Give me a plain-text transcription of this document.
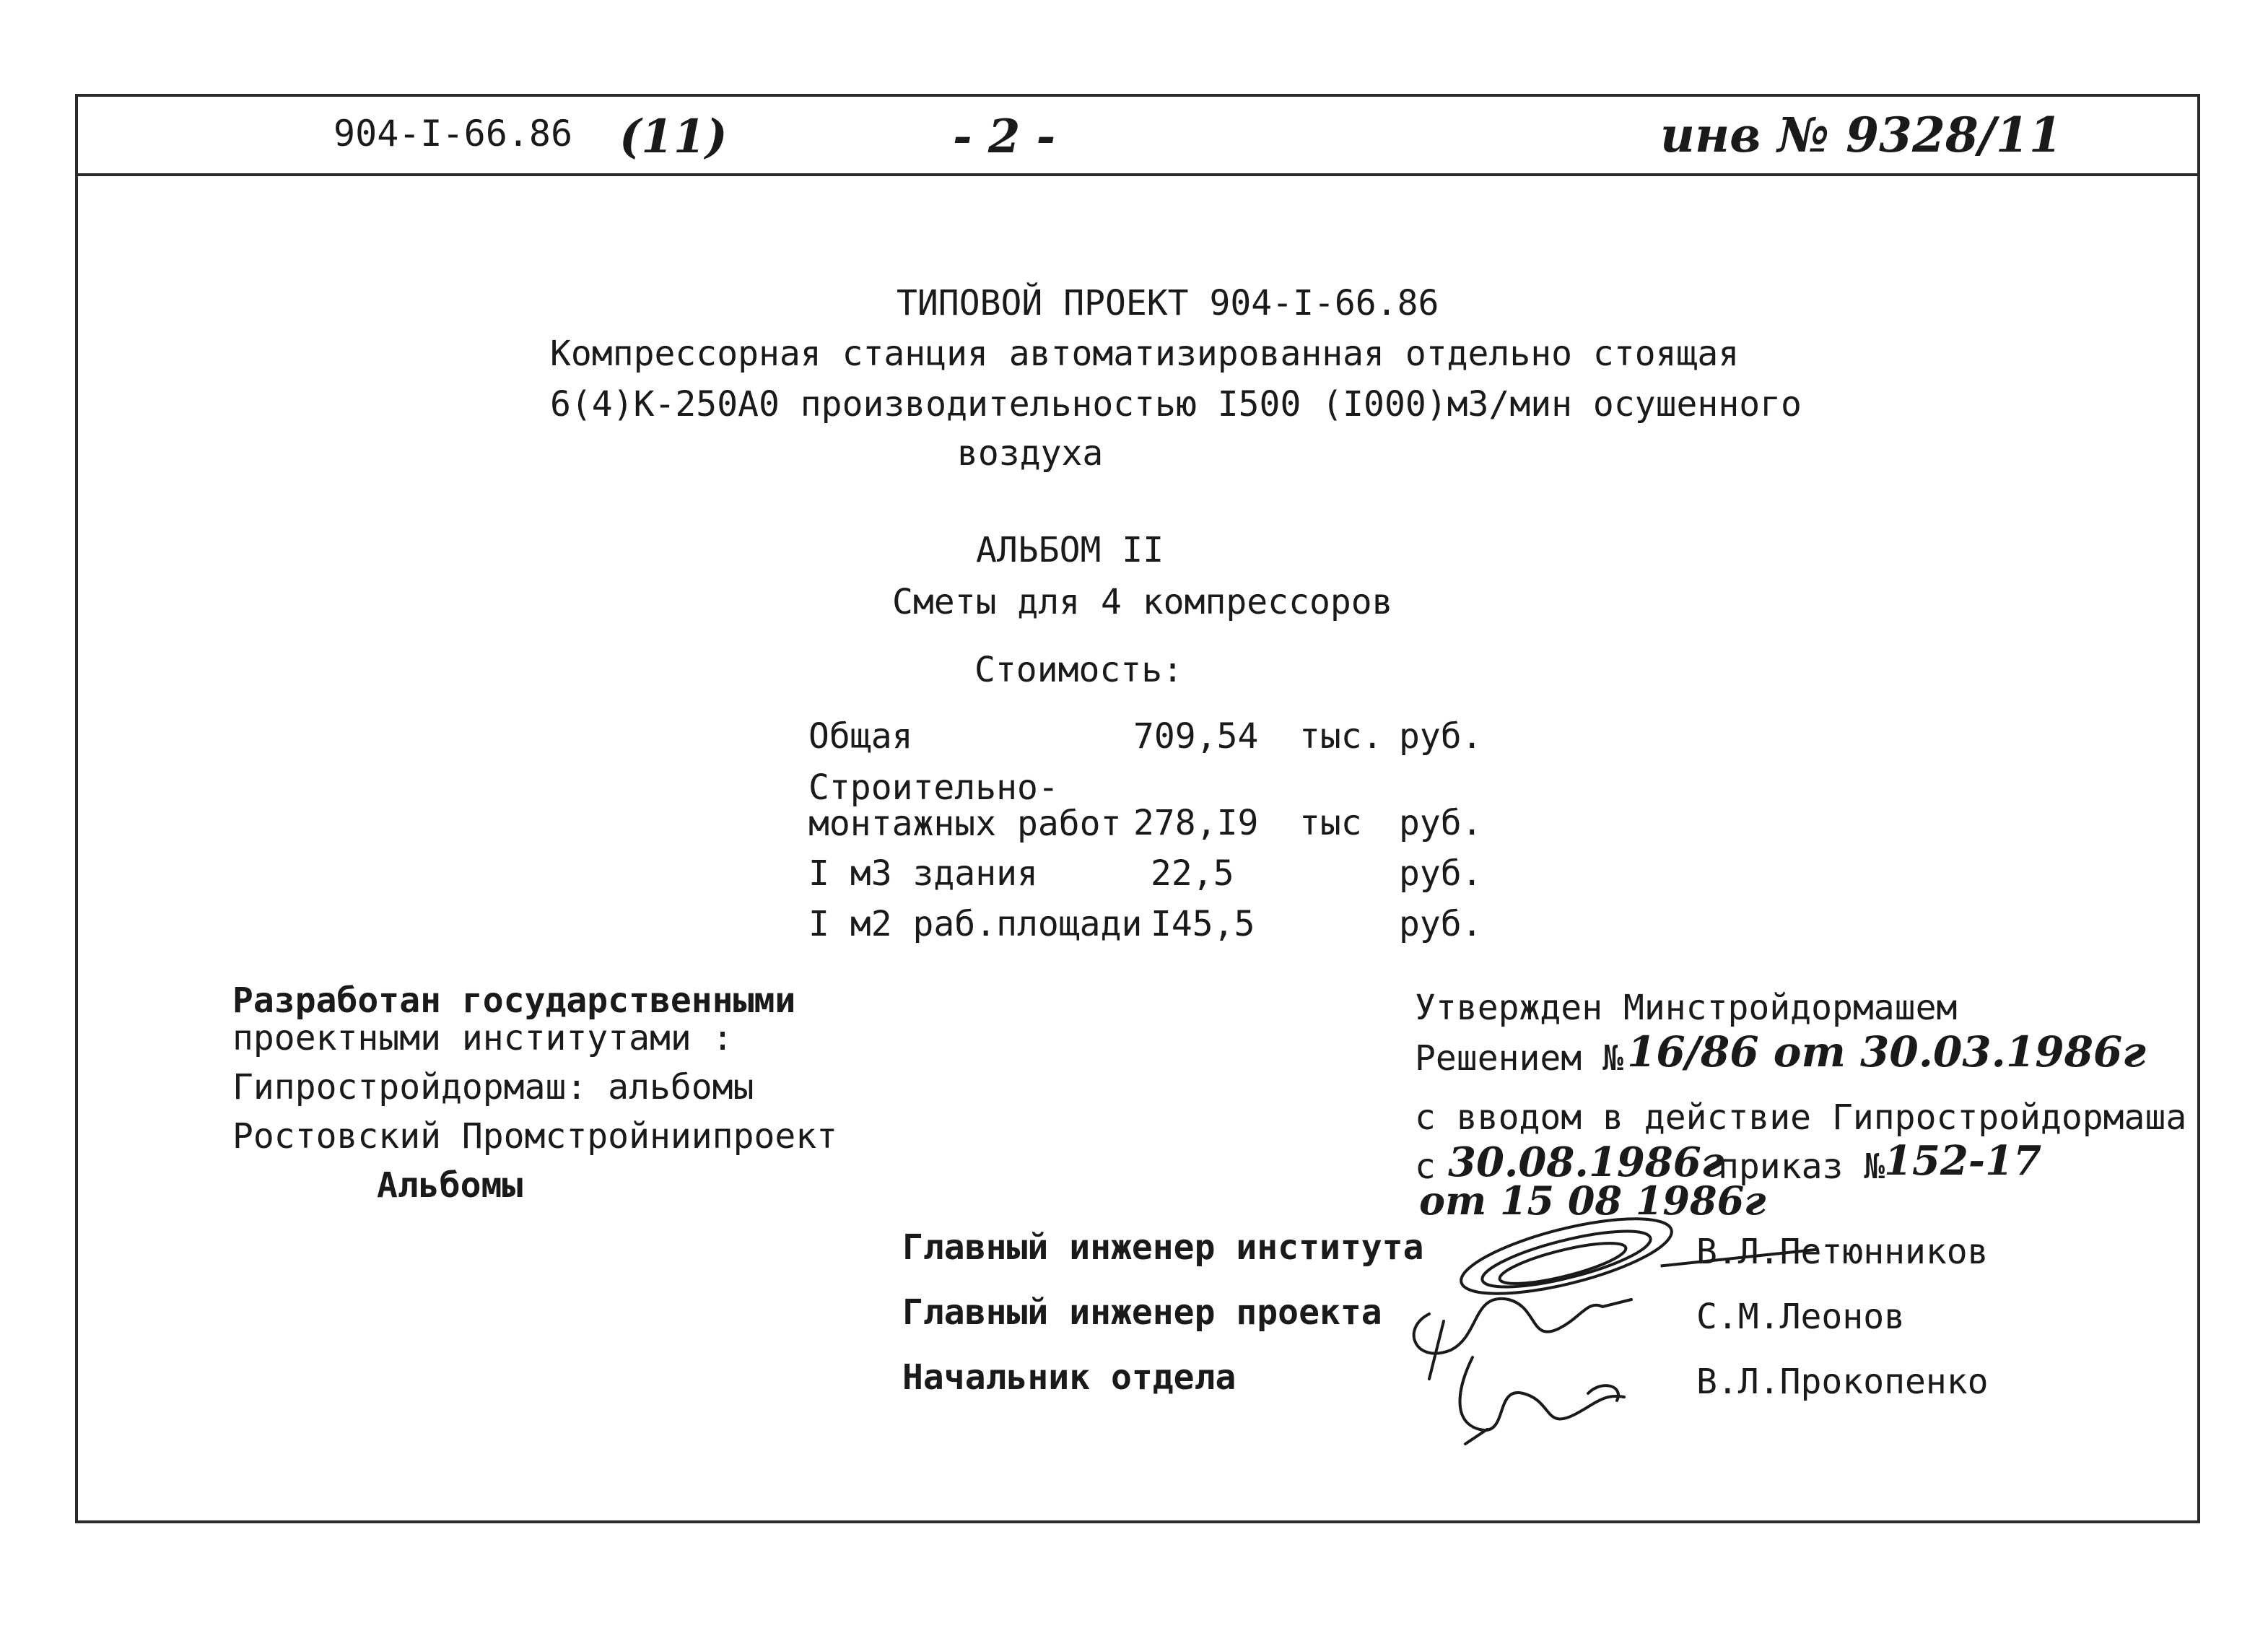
904-I-66.86 (11)	- 2 -	инв № 9328/11
ТИПОВОЙ ПРОЕКТ 904-I-66.86
Компрессорная станция автоматизированная отдельно стоящая
6(4)К-250А0 производительностью I500 (I000)м3/мин осушенного
воздуха
АЛЬБОМ II
Сметы для 4 компрессоров
Стоимость:
Общая	709,54 тыс. руб.
Строительно-
монтажных работ 278,I9 тыс руб.
I м3 здания	22,5	руб.
I м2 раб.площади I45,5	руб.
Разработан государственными
проектными институтами :
Гипростройдормаш: альбомы
Ростовский Промстройниипроект
Альбомы
Утвержден Минстройдормашем
Решением № 16/86 от 30.03.1986г
с вводом в действие Гипростройдормаша
с 30.08.1986г
приказ №
152-17
от 15 08 1986г
Главный инженер института	В.Л.Петюнников
Главный инженер проекта	С.М.Леонов
Начальник отдела	В.Л.Прокопенко
